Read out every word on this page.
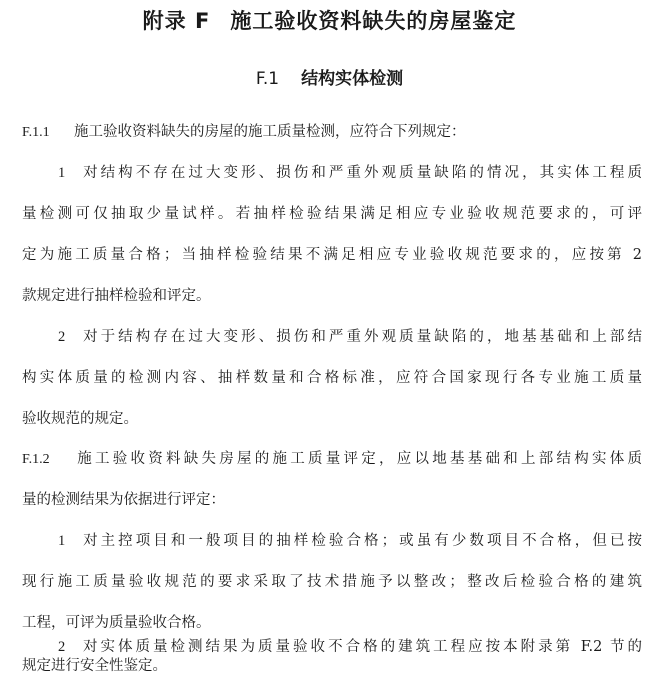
附录 F 施工验收资料缺失的房屋鉴定
F.1 结构实体检测
F.1.1 施工验收资料缺失的房屋的施工质量检测，应符合下列规定：
1 对结构不存在过大变形、损伤和严重外观质量缺陷的情况，其实体工程质
量检测可仅抽取少量试样。若抽样检验结果满足相应专业验收规范要求的，可评
定为施工质量合格；当抽样检验结果不满足相应专业验收规范要求的，应按第 2
款规定进行抽样检验和评定。
2 对于结构存在过大变形、损伤和严重外观质量缺陷的，地基基础和上部结
构实体质量的检测内容、抽样数量和合格标准，应符合国家现行各专业施工质量
验收规范的规定。
F.1.2 施工验收资料缺失房屋的施工质量评定，应以地基基础和上部结构实体质
量的检测结果为依据进行评定：
1 对主控项目和一般项目的抽样检验合格；或虽有少数项目不合格，但已按
现行施工质量验收规范的要求采取了技术措施予以整改；整改后检验合格的建筑
工程，可评为质量验收合格。
2 对实体质量检测结果为质量验收不合格的建筑工程应按本附录第 F.2 节的
规定进行安全性鉴定。
